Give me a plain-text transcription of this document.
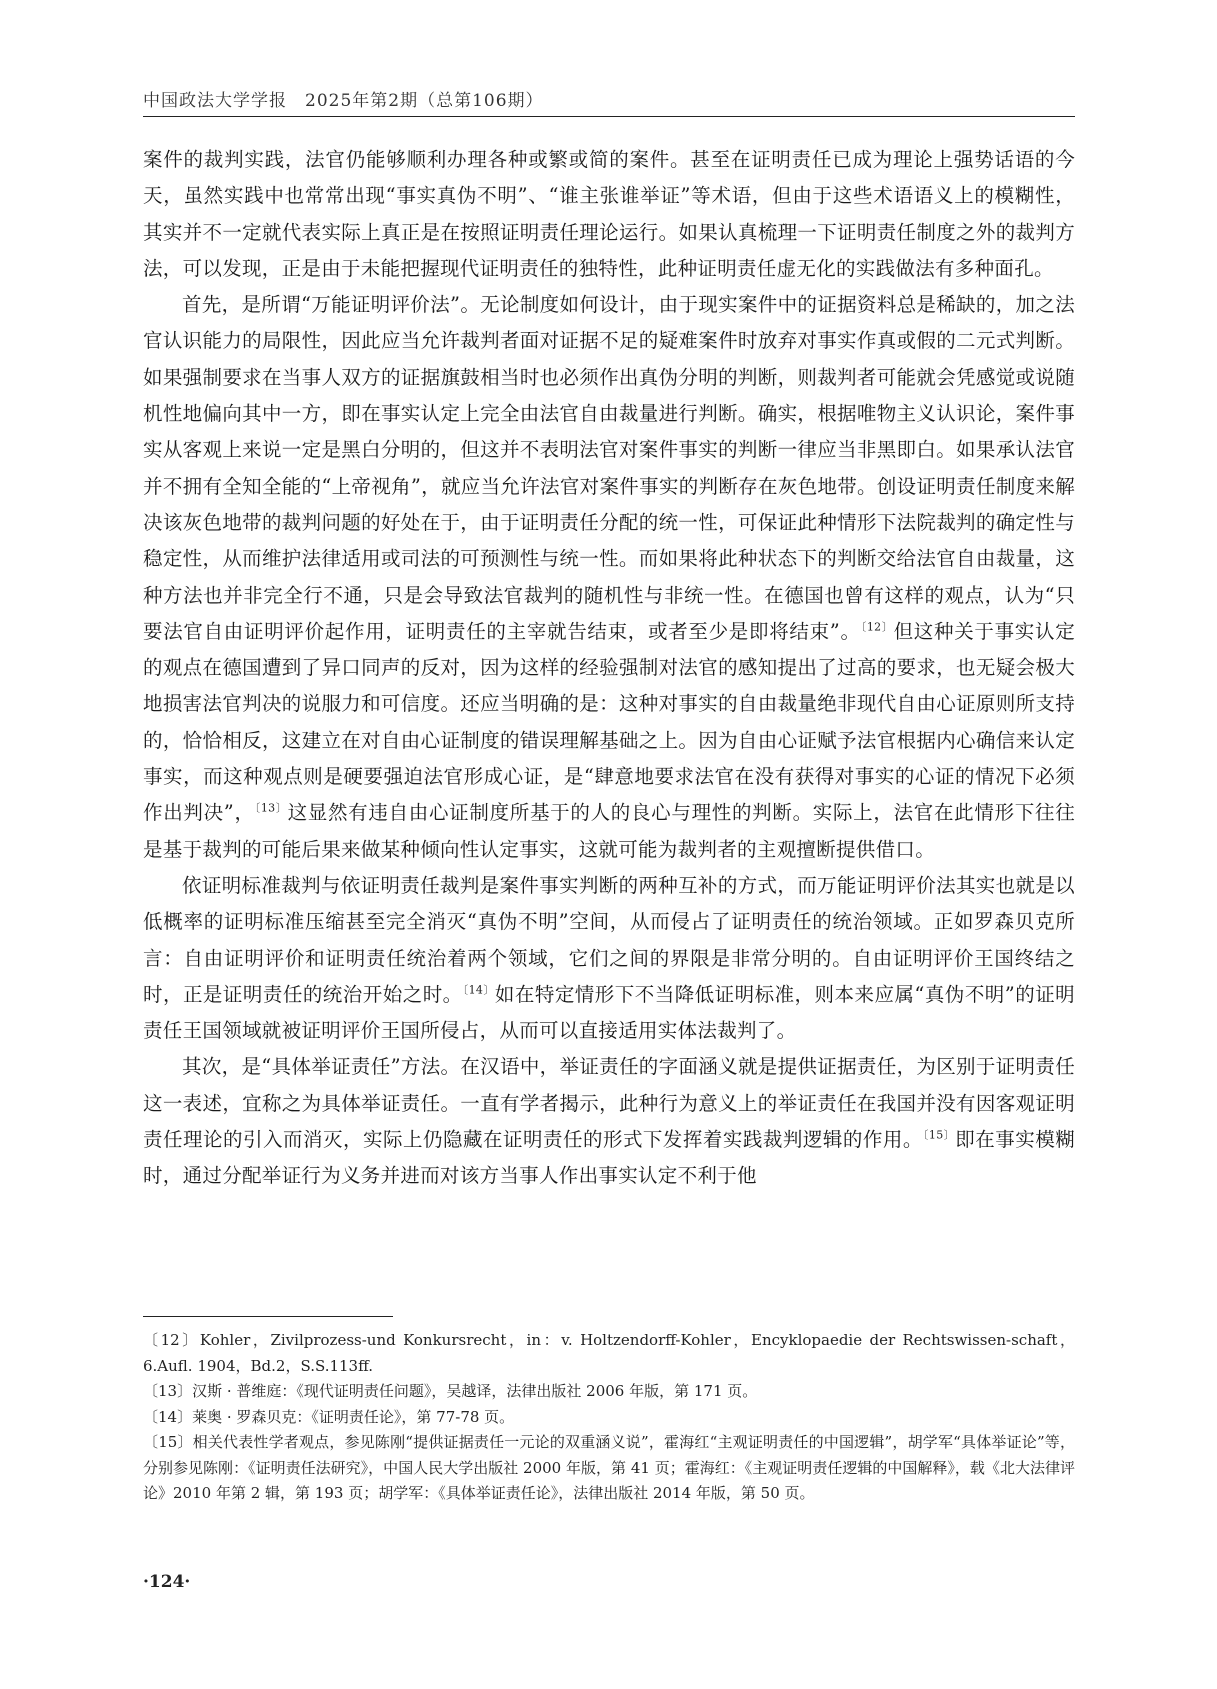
中国政法大学学报　2025年第2期（总第106期）

案件的裁判实践，法官仍能够顺利办理各种或繁或简的案件。甚至在证明责任已成为理论上强势话语的今天，虽然实践中也常常出现“事实真伪不明”、“谁主张谁举证”等术语，但由于这些术语语义上的模糊性，其实并不一定就代表实际上真正是在按照证明责任理论运行。如果认真梳理一下证明责任制度之外的裁判方法，可以发现，正是由于未能把握现代证明责任的独特性，此种证明责任虚无化的实践做法有多种面孔。

首先，是所谓“万能证明评价法”。无论制度如何设计，由于现实案件中的证据资料总是稀缺的，加之法官认识能力的局限性，因此应当允许裁判者面对证据不足的疑难案件时放弃对事实作真或假的二元式判断。如果强制要求在当事人双方的证据旗鼓相当时也必须作出真伪分明的判断，则裁判者可能就会凭感觉或说随机性地偏向其中一方，即在事实认定上完全由法官自由裁量进行判断。确实，根据唯物主义认识论，案件事实从客观上来说一定是黑白分明的，但这并不表明法官对案件事实的判断一律应当非黑即白。如果承认法官并不拥有全知全能的“上帝视角”，就应当允许法官对案件事实的判断存在灰色地带。创设证明责任制度来解决该灰色地带的裁判问题的好处在于，由于证明责任分配的统一性，可保证此种情形下法院裁判的确定性与稳定性，从而维护法律适用或司法的可预测性与统一性。而如果将此种状态下的判断交给法官自由裁量，这种方法也并非完全行不通，只是会导致法官裁判的随机性与非统一性。在德国也曾有这样的观点，认为“只要法官自由证明评价起作用，证明责任的主宰就告结束，或者至少是即将结束”。$^{〔12〕}$但这种关于事实认定的观点在德国遭到了异口同声的反对，因为这样的经验强制对法官的感知提出了过高的要求，也无疑会极大地损害法官判决的说服力和可信度。还应当明确的是：这种对事实的自由裁量绝非现代自由心证原则所支持的，恰恰相反，这建立在对自由心证制度的错误理解基础之上。因为自由心证赋予法官根据内心确信来认定事实，而这种观点则是硬要强迫法官形成心证，是“肆意地要求法官在没有获得对事实的心证的情况下必须作出判决”，$^{〔13〕}$这显然有违自由心证制度所基于的人的良心与理性的判断。实际上，法官在此情形下往往是基于裁判的可能后果来做某种倾向性认定事实，这就可能为裁判者的主观擅断提供借口。

依证明标准裁判与依证明责任裁判是案件事实判断的两种互补的方式，而万能证明评价法其实也就是以低概率的证明标准压缩甚至完全消灭“真伪不明”空间，从而侵占了证明责任的统治领域。正如罗森贝克所言：自由证明评价和证明责任统治着两个领域，它们之间的界限是非常分明的。自由证明评价王国终结之时，正是证明责任的统治开始之时。$^{〔14〕}$如在特定情形下不当降低证明标准，则本来应属“真伪不明”的证明责任王国领域就被证明评价王国所侵占，从而可以直接适用实体法裁判了。

其次，是“具体举证责任”方法。在汉语中，举证责任的字面涵义就是提供证据责任，为区别于证明责任这一表述，宜称之为具体举证责任。一直有学者揭示，此种行为意义上的举证责任在我国并没有因客观证明责任理论的引入而消灭，实际上仍隐藏在证明责任的形式下发挥着实践裁判逻辑的作用。$^{〔15〕}$即在事实模糊时，通过分配举证行为义务并进而对该方当事人作出事实认定不利于他

〔12〕Kohler，Zivilprozess-und Konkursrecht，in：v. Holtzendorff-Kohler，Encyklopaedie der Rechtswissen-schaft，6.Aufl. 1904，Bd.2，S.S.113ff.

〔13〕汉斯 · 普维庭：《现代证明责任问题》，吴越译，法律出版社 2006 年版，第 171 页。

〔14〕莱奥 · 罗森贝克：《证明责任论》，第 77-78 页。

〔15〕相关代表性学者观点，参见陈刚“提供证据责任一元论的双重涵义说”，霍海红“主观证明责任的中国逻辑”，胡学军“具体举证论”等，分别参见陈刚：《证明责任法研究》，中国人民大学出版社 2000 年版，第 41 页；霍海红：《主观证明责任逻辑的中国解释》，载《北大法律评论》2010 年第 2 辑，第 193 页；胡学军：《具体举证责任论》，法律出版社 2014 年版，第 50 页。

·124·
